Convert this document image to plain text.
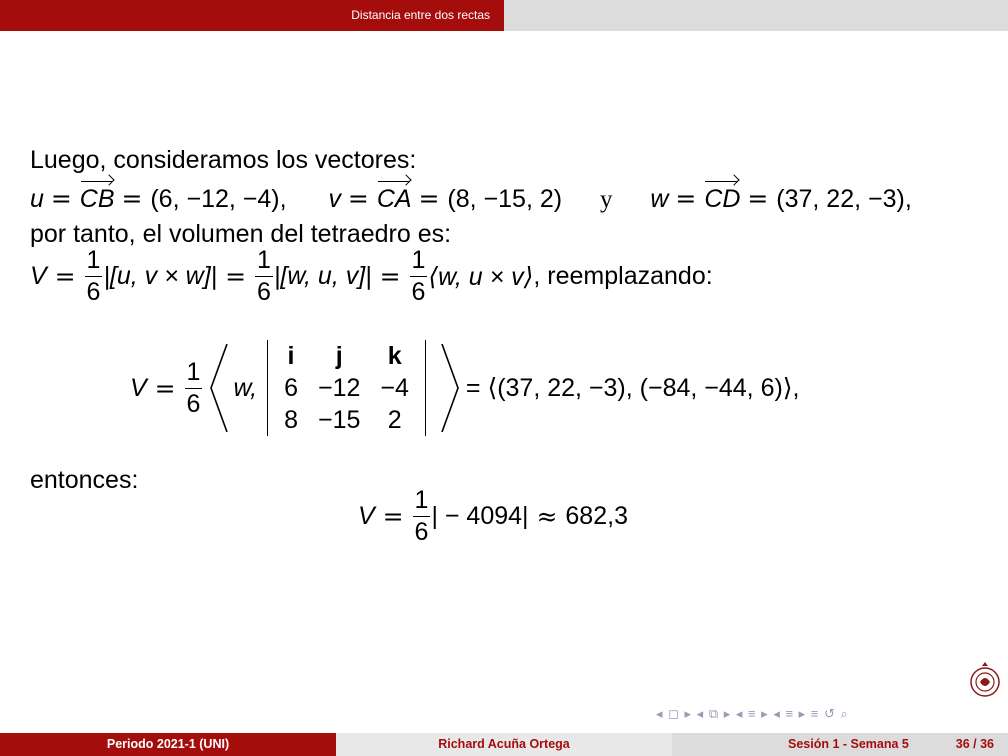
Distancia entre dos rectas
Luego, consideramos los vectores:
u = CB = (6, −12, −4), v = CA = (8, −15, 2) y w = CD = (37, 22, −3),
por tanto, el volumen del tetraedro es:
$V = \frac{1}{6} |[u$, $v \times w]| = \frac{1}{6} |[w$, u, $v]| = \frac{1}{6}$ ⟨w, u × v⟩ , reemplazando:
$V = \frac{1}{6} w$,
i	j	k
6	−12	−4
8	−15	2
= ⟨(37, 22, −3), (−84, −44, 6)⟩,
entonces:
$V = \frac{1}{6}$ | − 4094|
≈
682,3
◂ ◻ ▸ ◂ ⧉ ▸ ◂ ≡ ▸ ◂ ≡ ▸ ≡ ↺ ⌕
Periodo 2021-1 (UNI)	Richard Acuña Ortega	Sesión 1 - Semana 5	36 / 36
